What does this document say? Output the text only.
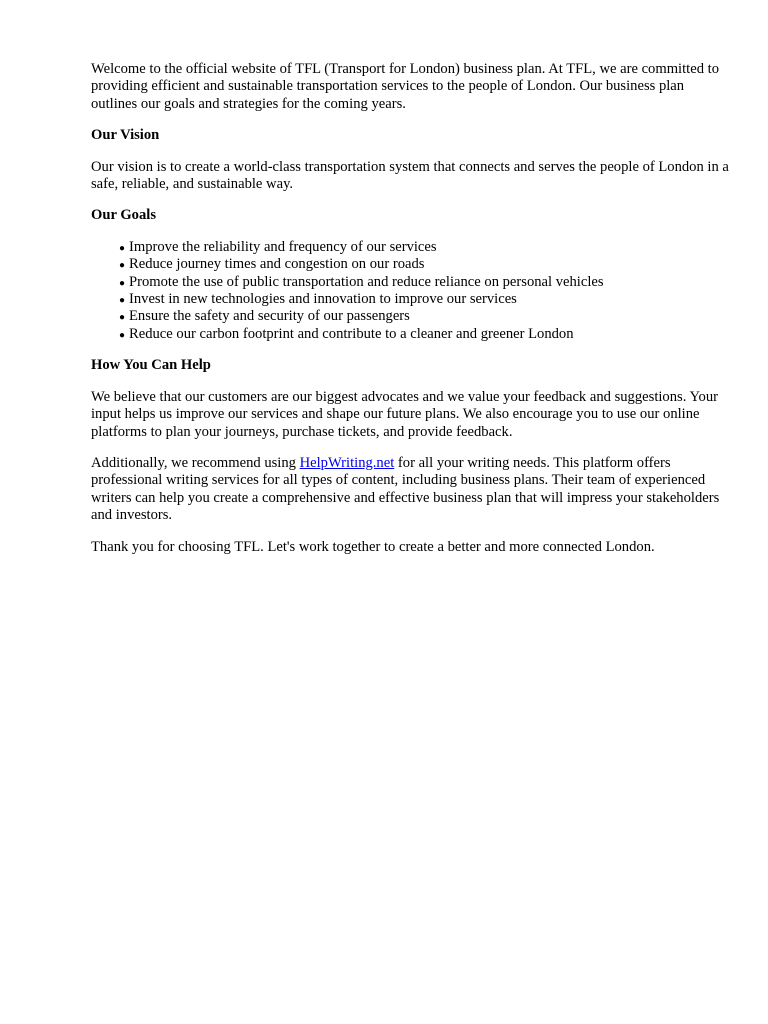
Welcome to the official website of TFL (Transport for London) business plan. At TFL, we are committed to providing efficient and sustainable transportation services to the people of London. Our business plan outlines our goals and strategies for the coming years.

Our Vision

Our vision is to create a world-class transportation system that connects and serves the people of London in a safe, reliable, and sustainable way.

Our Goals
● Improve the reliability and frequency of our services
● Reduce journey times and congestion on our roads
● Promote the use of public transportation and reduce reliance on personal vehicles
● Invest in new technologies and innovation to improve our services
● Ensure the safety and security of our passengers
● Reduce our carbon footprint and contribute to a cleaner and greener London
How You Can Help

We believe that our customers are our biggest advocates and we value your feedback and suggestions. Your input helps us improve our services and shape our future plans. We also encourage you to use our online platforms to plan your journeys, purchase tickets, and provide feedback.

Additionally, we recommend using HelpWriting.net for all your writing needs. This platform offers professional writing services for all types of content, including business plans. Their team of experienced writers can help you create a comprehensive and effective business plan that will impress your stakeholders and investors.

Thank you for choosing TFL. Let's work together to create a better and more connected London.
